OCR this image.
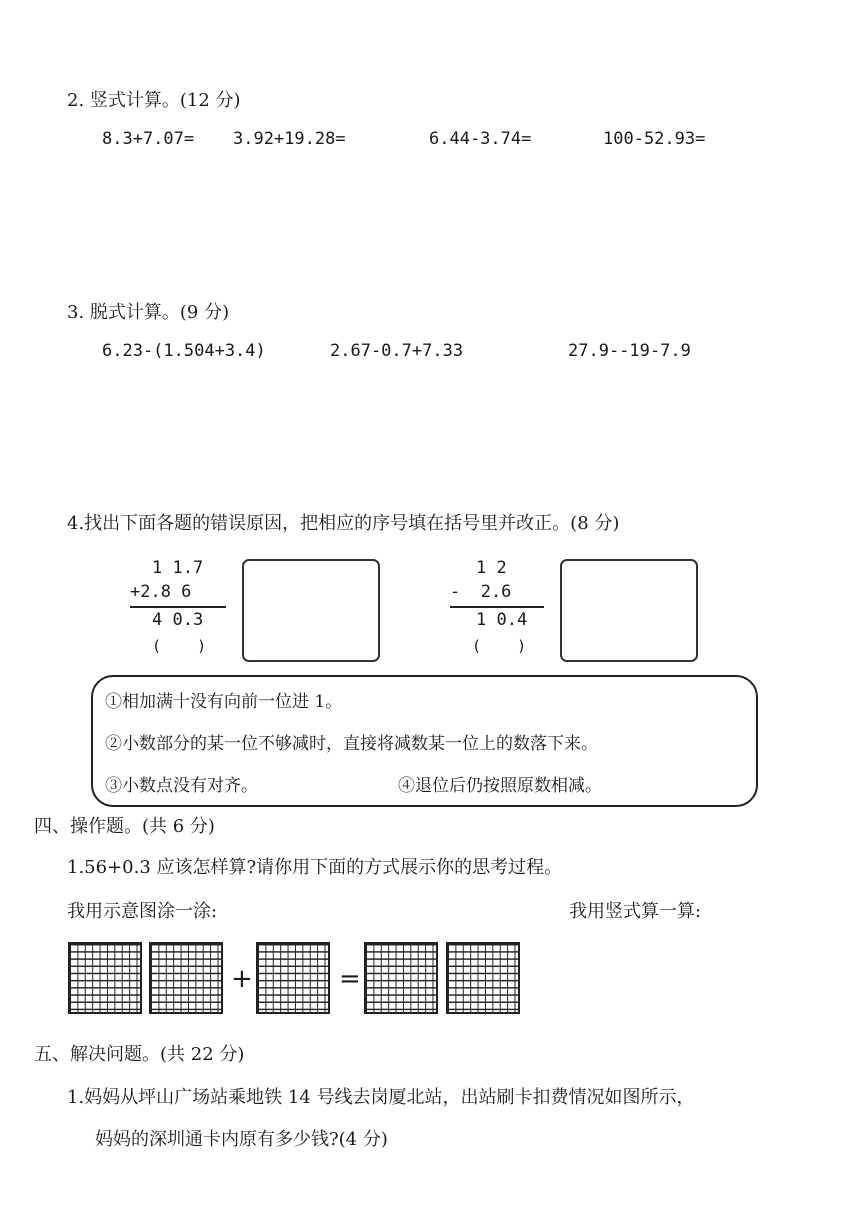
2. 竖式计算。(12 分)
8.3+7.07= 3.92+19.28=	6.44-3.74=	100-52.93=
3. 脱式计算。(9 分)
6.23-(1.504+3.4)	2.67-0.7+7.33	27.9--19-7.9
4.找出下面各题的错误原因，把相应的序号填在括号里并改正。(8 分)
1 1.7
+2.8 6
4 0.3
(    )
1 2
-  2.6
1 0.4
(    )
①相加满十没有向前一位进 1。
②小数部分的某一位不够减时，直接将减数某一位上的数落下来。
③小数点没有对齐。	④退位后仍按照原数相减。
四、操作题。(共 6 分)
1.56+0.3 应该怎样算?请你用下面的方式展示你的思考过程。
我用示意图涂一涂:	我用竖式算一算:
+	=
五、解决问题。(共 22 分)
1.妈妈从坪山广场站乘地铁 14 号线去岗厦北站，出站刷卡扣费情况如图所示，
妈妈的深圳通卡内原有多少钱?(4 分)
